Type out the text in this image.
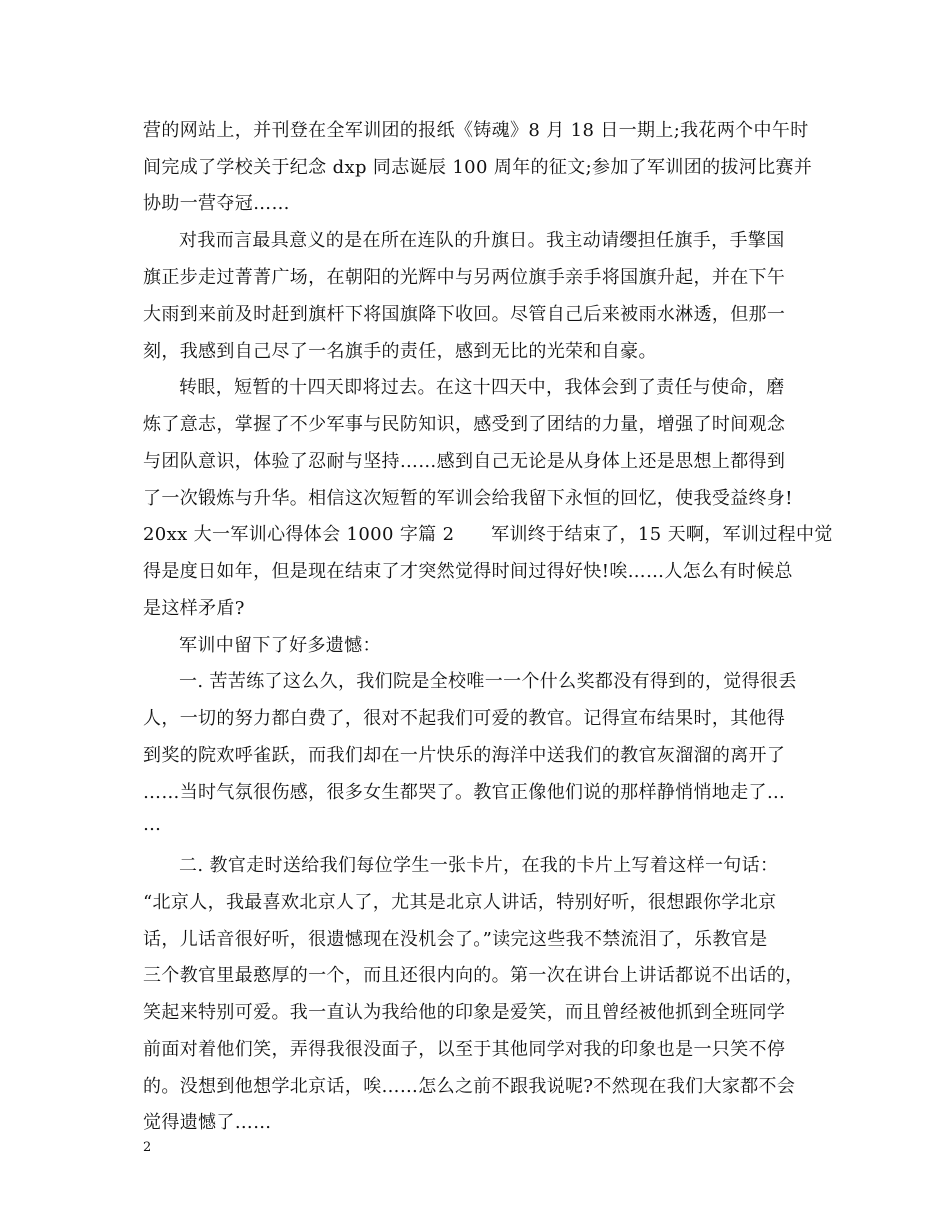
营的网站上，并刊登在全军训团的报纸《铸魂》8 月 18 日一期上;我花两个中午时
间完成了学校关于纪念 dxp 同志诞辰 100 周年的征文;参加了军训团的拔河比赛并
协助一营夺冠……
对我而言最具意义的是在所在连队的升旗日。我主动请缨担任旗手，手擎国
旗正步走过菁菁广场，在朝阳的光辉中与另两位旗手亲手将国旗升起，并在下午
大雨到来前及时赶到旗杆下将国旗降下收回。尽管自己后来被雨水淋透，但那一
刻，我感到自己尽了一名旗手的责任，感到无比的光荣和自豪。
转眼，短暂的十四天即将过去。在这十四天中，我体会到了责任与使命，磨
炼了意志，掌握了不少军事与民防知识，感受到了团结的力量，增强了时间观念
与团队意识，体验了忍耐与坚持……感到自己无论是从身体上还是思想上都得到
了一次锻炼与升华。相信这次短暂的军训会给我留下永恒的回忆，使我受益终身!
20xx 大一军训心得体会 1000 字篇 2　　军训终于结束了，15 天啊，军训过程中觉
得是度日如年，但是现在结束了才突然觉得时间过得好快!唉……人怎么有时候总
是这样矛盾?
军训中留下了好多遗憾：
一. 苦苦练了这么久，我们院是全校唯一一个什么奖都没有得到的，觉得很丢
人，一切的努力都白费了，很对不起我们可爱的教官。记得宣布结果时，其他得
到奖的院欢呼雀跃，而我们却在一片快乐的海洋中送我们的教官灰溜溜的离开了
……当时气氛很伤感，很多女生都哭了。教官正像他们说的那样静悄悄地走了…
…
二. 教官走时送给我们每位学生一张卡片，在我的卡片上写着这样一句话：
“北京人，我最喜欢北京人了，尤其是北京人讲话，特别好听，很想跟你学北京
话，儿话音很好听，很遗憾现在没机会了。”读完这些我不禁流泪了，乐教官是
三个教官里最憨厚的一个，而且还很内向的。第一次在讲台上讲话都说不出话的，
笑起来特别可爱。我一直认为我给他的印象是爱笑，而且曾经被他抓到全班同学
前面对着他们笑，弄得我很没面子，以至于其他同学对我的印象也是一只笑不停
的。没想到他想学北京话，唉……怎么之前不跟我说呢?不然现在我们大家都不会
觉得遗憾了……
2
